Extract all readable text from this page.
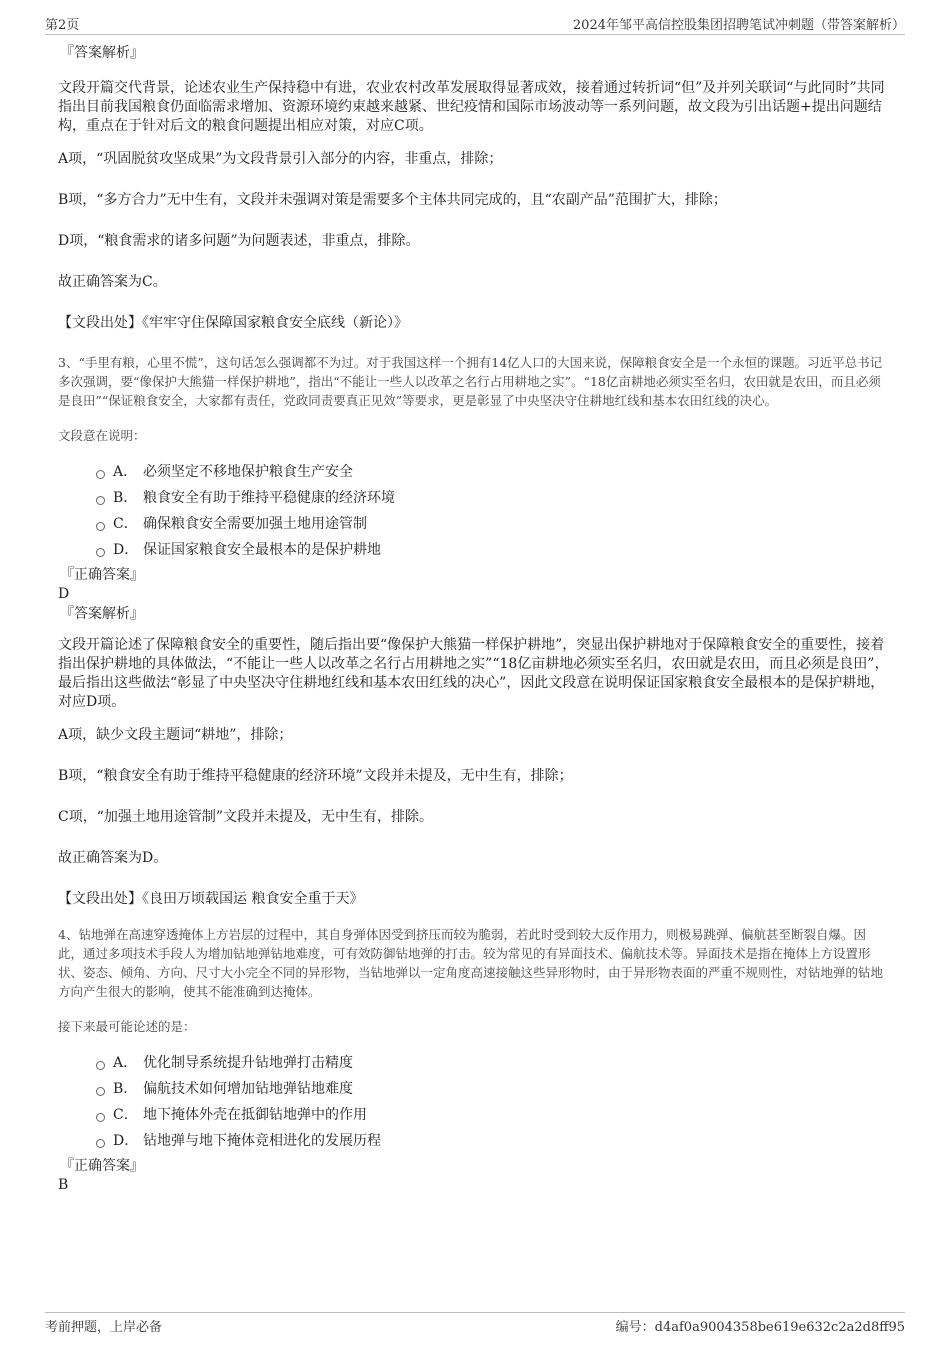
第2页	2024年邹平高信控股集团招聘笔试冲刺题（带答案解析）
『答案解析』

文段开篇交代背景，论述农业生产保持稳中有进，农业农村改革发展取得显著成效，接着通过转折词“但”及并列关联词“与此同时”共同指出目前我国粮食仍面临需求增加、资源环境约束越来越紧、世纪疫情和国际市场波动等一系列问题，故文段为引出话题+提出问题结构，重点在于针对后文的粮食问题提出相应对策，对应C项。

A项，“巩固脱贫攻坚成果”为文段背景引入部分的内容，非重点，排除；

B项，“多方合力”无中生有，文段并未强调对策是需要多个主体共同完成的，且“农副产品”范围扩大，排除；

D项，“粮食需求的诸多问题”为问题表述，非重点，排除。

故正确答案为C。

【文段出处】《牢牢守住保障国家粮食安全底线（新论）》

3、“手里有粮，心里不慌”，这句话怎么强调都不为过。对于我国这样一个拥有14亿人口的大国来说，保障粮食安全是一个永恒的课题。习近平总书记多次强调，要“像保护大熊猫一样保护耕地”，指出“不能让一些人以改革之名行占用耕地之实”。“18亿亩耕地必须实至名归，农田就是农田，而且必须是良田”“保证粮食安全，大家都有责任，党政同责要真正见效”等要求，更是彰显了中央坚决守住耕地红线和基本农田红线的决心。

文段意在说明：

A． 必须坚定不移地保护粮食生产安全
B． 粮食安全有助于维持平稳健康的经济环境
C． 确保粮食安全需要加强土地用途管制
D． 保证国家粮食安全最根本的是保护耕地
『正确答案』
D
『答案解析』

文段开篇论述了保障粮食安全的重要性，随后指出要“像保护大熊猫一样保护耕地”，突显出保护耕地对于保障粮食安全的重要性，接着指出保护耕地的具体做法，“不能让一些人以改革之名行占用耕地之实”“18亿亩耕地必须实至名归，农田就是农田，而且必须是良田”，最后指出这些做法“彰显了中央坚决守住耕地红线和基本农田红线的决心”，因此文段意在说明保证国家粮食安全最根本的是保护耕地，对应D项。

A项，缺少文段主题词“耕地”，排除；

B项，“粮食安全有助于维持平稳健康的经济环境”文段并未提及，无中生有，排除；

C项，“加强土地用途管制”文段并未提及，无中生有，排除。

故正确答案为D。

【文段出处】《良田万顷载国运 粮食安全重于天》

4、钻地弹在高速穿透掩体上方岩层的过程中，其自身弹体因受到挤压而较为脆弱，若此时受到较大反作用力，则极易跳弹、偏航甚至断裂自爆。因此，通过多项技术手段人为增加钻地弹钻地难度，可有效防御钻地弹的打击。较为常见的有异面技术、偏航技术等。异面技术是指在掩体上方设置形状、姿态、倾角、方向、尺寸大小完全不同的异形物，当钻地弹以一定角度高速接触这些异形物时，由于异形物表面的严重不规则性，对钻地弹的钻地方向产生很大的影响，使其不能准确到达掩体。

接下来最可能论述的是：

A． 优化制导系统提升钻地弹打击精度
B． 偏航技术如何增加钻地弹钻地难度
C． 地下掩体外壳在抵御钻地弹中的作用
D． 钻地弹与地下掩体竞相进化的发展历程
『正确答案』
B
考前押题，上岸必备	编号：d4af0a9004358be619e632c2a2d8ff95
